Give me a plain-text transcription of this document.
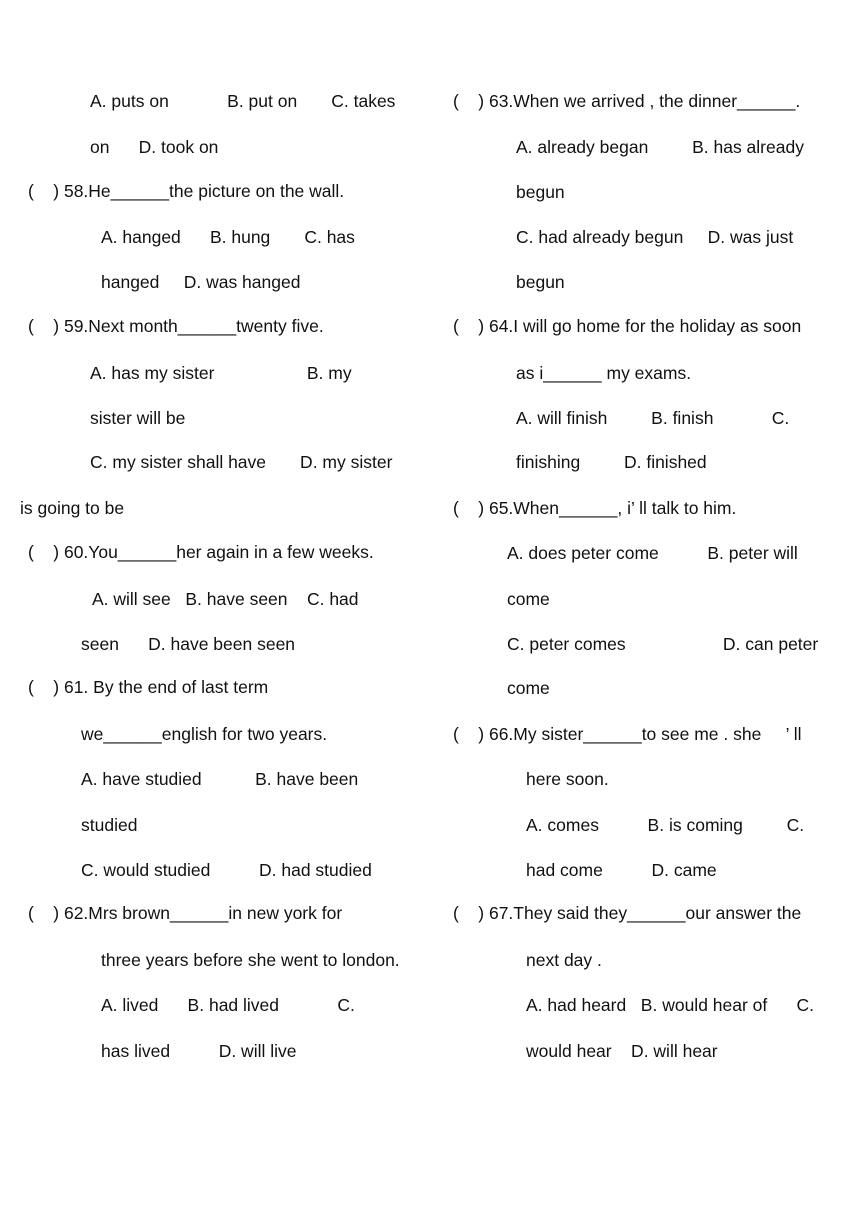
A. puts on            B. put on       C. takes

on      D. took on

(    ) 58.He______the picture on the wall.

A. hanged      B. hung       C. has

hanged     D. was hanged

(    ) 59.Next month______twenty five.

A. has my sister                   B. my

sister will be

C. my sister shall have       D. my sister

is going to be

(    ) 60.You______her again in a few weeks.

A. will see   B. have seen    C. had

seen      D. have been seen

(    ) 61. By the end of last term

we______english for two years.

A. have studied           B. have been

studied

C. would studied          D. had studied

(    ) 62.Mrs brown______in new york for

three years before she went to london.

A. lived      B. had lived            C.

has lived          D. will live

(    ) 63.When we arrived , the dinner______.

A. already began         B. has already

begun

C. had already begun     D. was just

begun

(    ) 64.I will go home for the holiday as soon

as i______ my exams.

A. will finish         B. finish            C.

finishing         D. finished

(    ) 65.When______, i’ ll talk to him.

A. does peter come          B. peter will

come

C. peter comes                    D. can peter

come

(    ) 66.My sister______to see me . she     ’ ll

here soon.

A. comes          B. is coming         C.

had come          D. came

(    ) 67.They said they______our answer the

next day .

A. had heard   B. would hear of      C.

would hear    D. will hear
